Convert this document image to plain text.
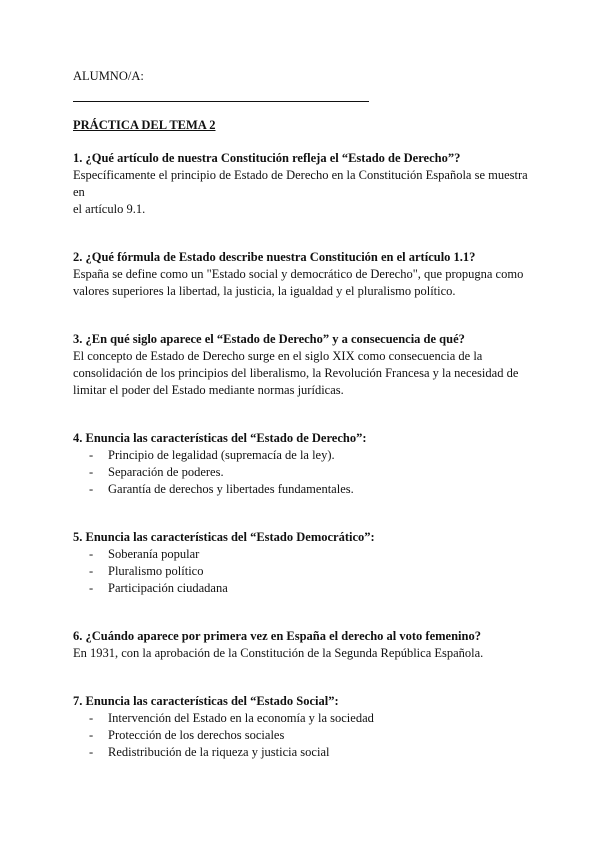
ALUMNO/A:

PRÁCTICA DEL TEMA 2
1. ¿Qué artículo de nuestra Constitución refleja el “Estado de Derecho”?
Específicamente el principio de Estado de Derecho en la Constitución Española se muestra en
el artículo 9.1.
2. ¿Qué fórmula de Estado describe nuestra Constitución en el artículo 1.1?
España se define como un "Estado social y democrático de Derecho", que propugna como
valores superiores la libertad, la justicia, la igualdad y el pluralismo político.
3. ¿En qué siglo aparece el “Estado de Derecho” y a consecuencia de qué?
El concepto de Estado de Derecho surge en el siglo XIX como consecuencia de la
consolidación de los principios del liberalismo, la Revolución Francesa y la necesidad de
limitar el poder del Estado mediante normas jurídicas.
4. Enuncia las características del “Estado de Derecho”:
- Principio de legalidad (supremacía de la ley).
- Separación de poderes.
- Garantía de derechos y libertades fundamentales.
5. Enuncia las características del “Estado Democrático”:
- Soberanía popular
- Pluralismo político
- Participación ciudadana
6. ¿Cuándo aparece por primera vez en España el derecho al voto femenino?
En 1931, con la aprobación de la Constitución de la Segunda República Española.
7. Enuncia las características del “Estado Social”:
- Intervención del Estado en la economía y la sociedad
- Protección de los derechos sociales
- Redistribución de la riqueza y justicia social
